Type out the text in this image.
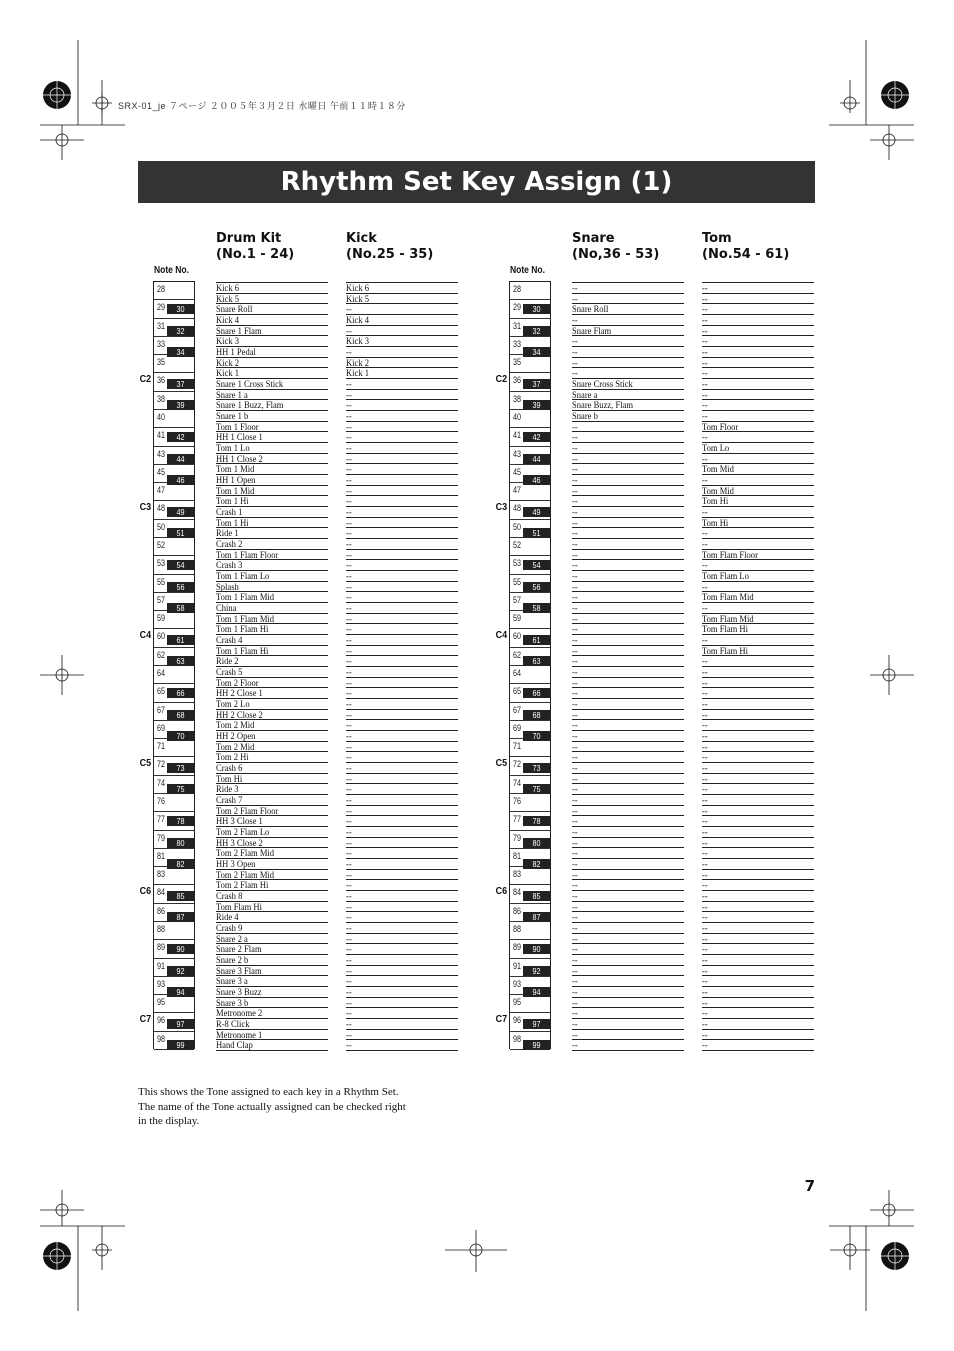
SRX-01_je ７ページ ２００５年３月２日 水曜日 午前１１時１８分
Rhythm Set Key Assign (1)
Drum Kit
(No.1 - 24)
Kick
(No.25 - 35)
Snare
(No,36 - 53)
Tom
(No.54 - 61)
Note No.	Note No.
28
29
31
33
35
36
38
40
41
43
45
47
48
50
52
53
55
57
59
60
62
64
65
67
69
71
72
74
76
77
79
81
83
84
86
88
89
91
93
95
96
98
30
32
34
37
39
42
44
46
49
51
54
56
58
61
63
66
68
70
73
75
78
80
82
85
87
90
92
94
97
99
28
29
31
33
35
36
38
40
41
43
45
47
48
50
52
53
55
57
59
60
62
64
65
67
69
71
72
74
76
77
79
81
83
84
86
88
89
91
93
95
96
98
30
32
34
37
39
42
44
46
49
51
54
56
58
61
63
66
68
70
73
75
78
80
82
85
87
90
92
94
97
99
C2
C3
C4
C5
C6
C7
C2
C3
C4
C5
C6
C7
Kick 6
Kick 5
Snare Roll
Kick 4
Snare 1 Flam
Kick 3
HH 1 Pedal
Kick 2
Kick 1
Snare 1 Cross Stick
Snare 1 a
Snare 1 Buzz, Flam
Snare 1 b
Tom 1 Floor
HH 1 Close 1
Tom 1 Lo
HH 1 Close 2
Tom 1 Mid
HH 1 Open
Tom 1 Mid
Tom 1 Hi
Crash 1
Tom 1 Hi
Ride 1
Crash 2
Tom 1 Flam Floor
Crash 3
Tom 1 Flam Lo
Splash
Tom 1 Flam Mid
China
Tom 1 Flam Mid
Tom 1 Flam Hi
Crash 4
Tom 1 Flam Hi
Ride 2
Crash 5
Tom 2 Floor
HH 2 Close 1
Tom 2 Lo
HH 2 Close 2
Tom 2 Mid
HH 2 Open
Tom 2 Mid
Tom 2 Hi
Crash 6
Tom Hi
Ride 3
Crash 7
Tom 2 Flam Floor
HH 3 Close 1
Tom 2 Flam Lo
HH 3 Close 2
Tom 2 Flam Mid
HH 3 Open
Tom 2 Flam Mid
Tom 2 Flam Hi
Crash 8
Tom Flam Hi
Ride 4
Crash 9
Snare 2 a
Snare 2 Flam
Snare 2 b
Snare 3 Flam
Snare 3 a
Snare 3 Buzz
Snare 3 b
Metronome 2
R-8 Click
Metronome 1
Hand Clap
Kick 6
Kick 5
--
Kick 4
--
Kick 3
--
Kick 2
Kick 1
--
--
--
--
--
--
--
--
--
--
--
--
--
--
--
--
--
--
--
--
--
--
--
--
--
--
--
--
--
--
--
--
--
--
--
--
--
--
--
--
--
--
--
--
--
--
--
--
--
--
--
--
--
--
--
--
--
--
--
--
--
--
--
--
--
Snare Roll
--
Snare Flam
--
--
--
--
Snare Cross Stick
Snare a
Snare Buzz, Flam
Snare b
--
--
--
--
--
--
--
--
--
--
--
--
--
--
--
--
--
--
--
--
--
--
--
--
--
--
--
--
--
--
--
--
--
--
--
--
--
--
--
--
--
--
--
--
--
--
--
--
--
--
--
--
--
--
--
--
--
--
--
--
--
--
--
--
--
--
--
--
--
--
--
--
Tom Floor
--
Tom Lo
--
Tom Mid
--
Tom Mid
Tom Hi
--
Tom Hi
--
--
Tom Flam Floor
--
Tom Flam Lo
--
Tom Flam Mid
--
Tom Flam Mid
Tom Flam Hi
--
Tom Flam Hi
--
--
--
--
--
--
--
--
--
--
--
--
--
--
--
--
--
--
--
--
--
--
--
--
--
--
--
--
--
--
--
--
--
--
--
--
--
This shows the Tone assigned to each key in a Rhythm Set.
The name of the Tone actually assigned can be checked right
in the display.
7
